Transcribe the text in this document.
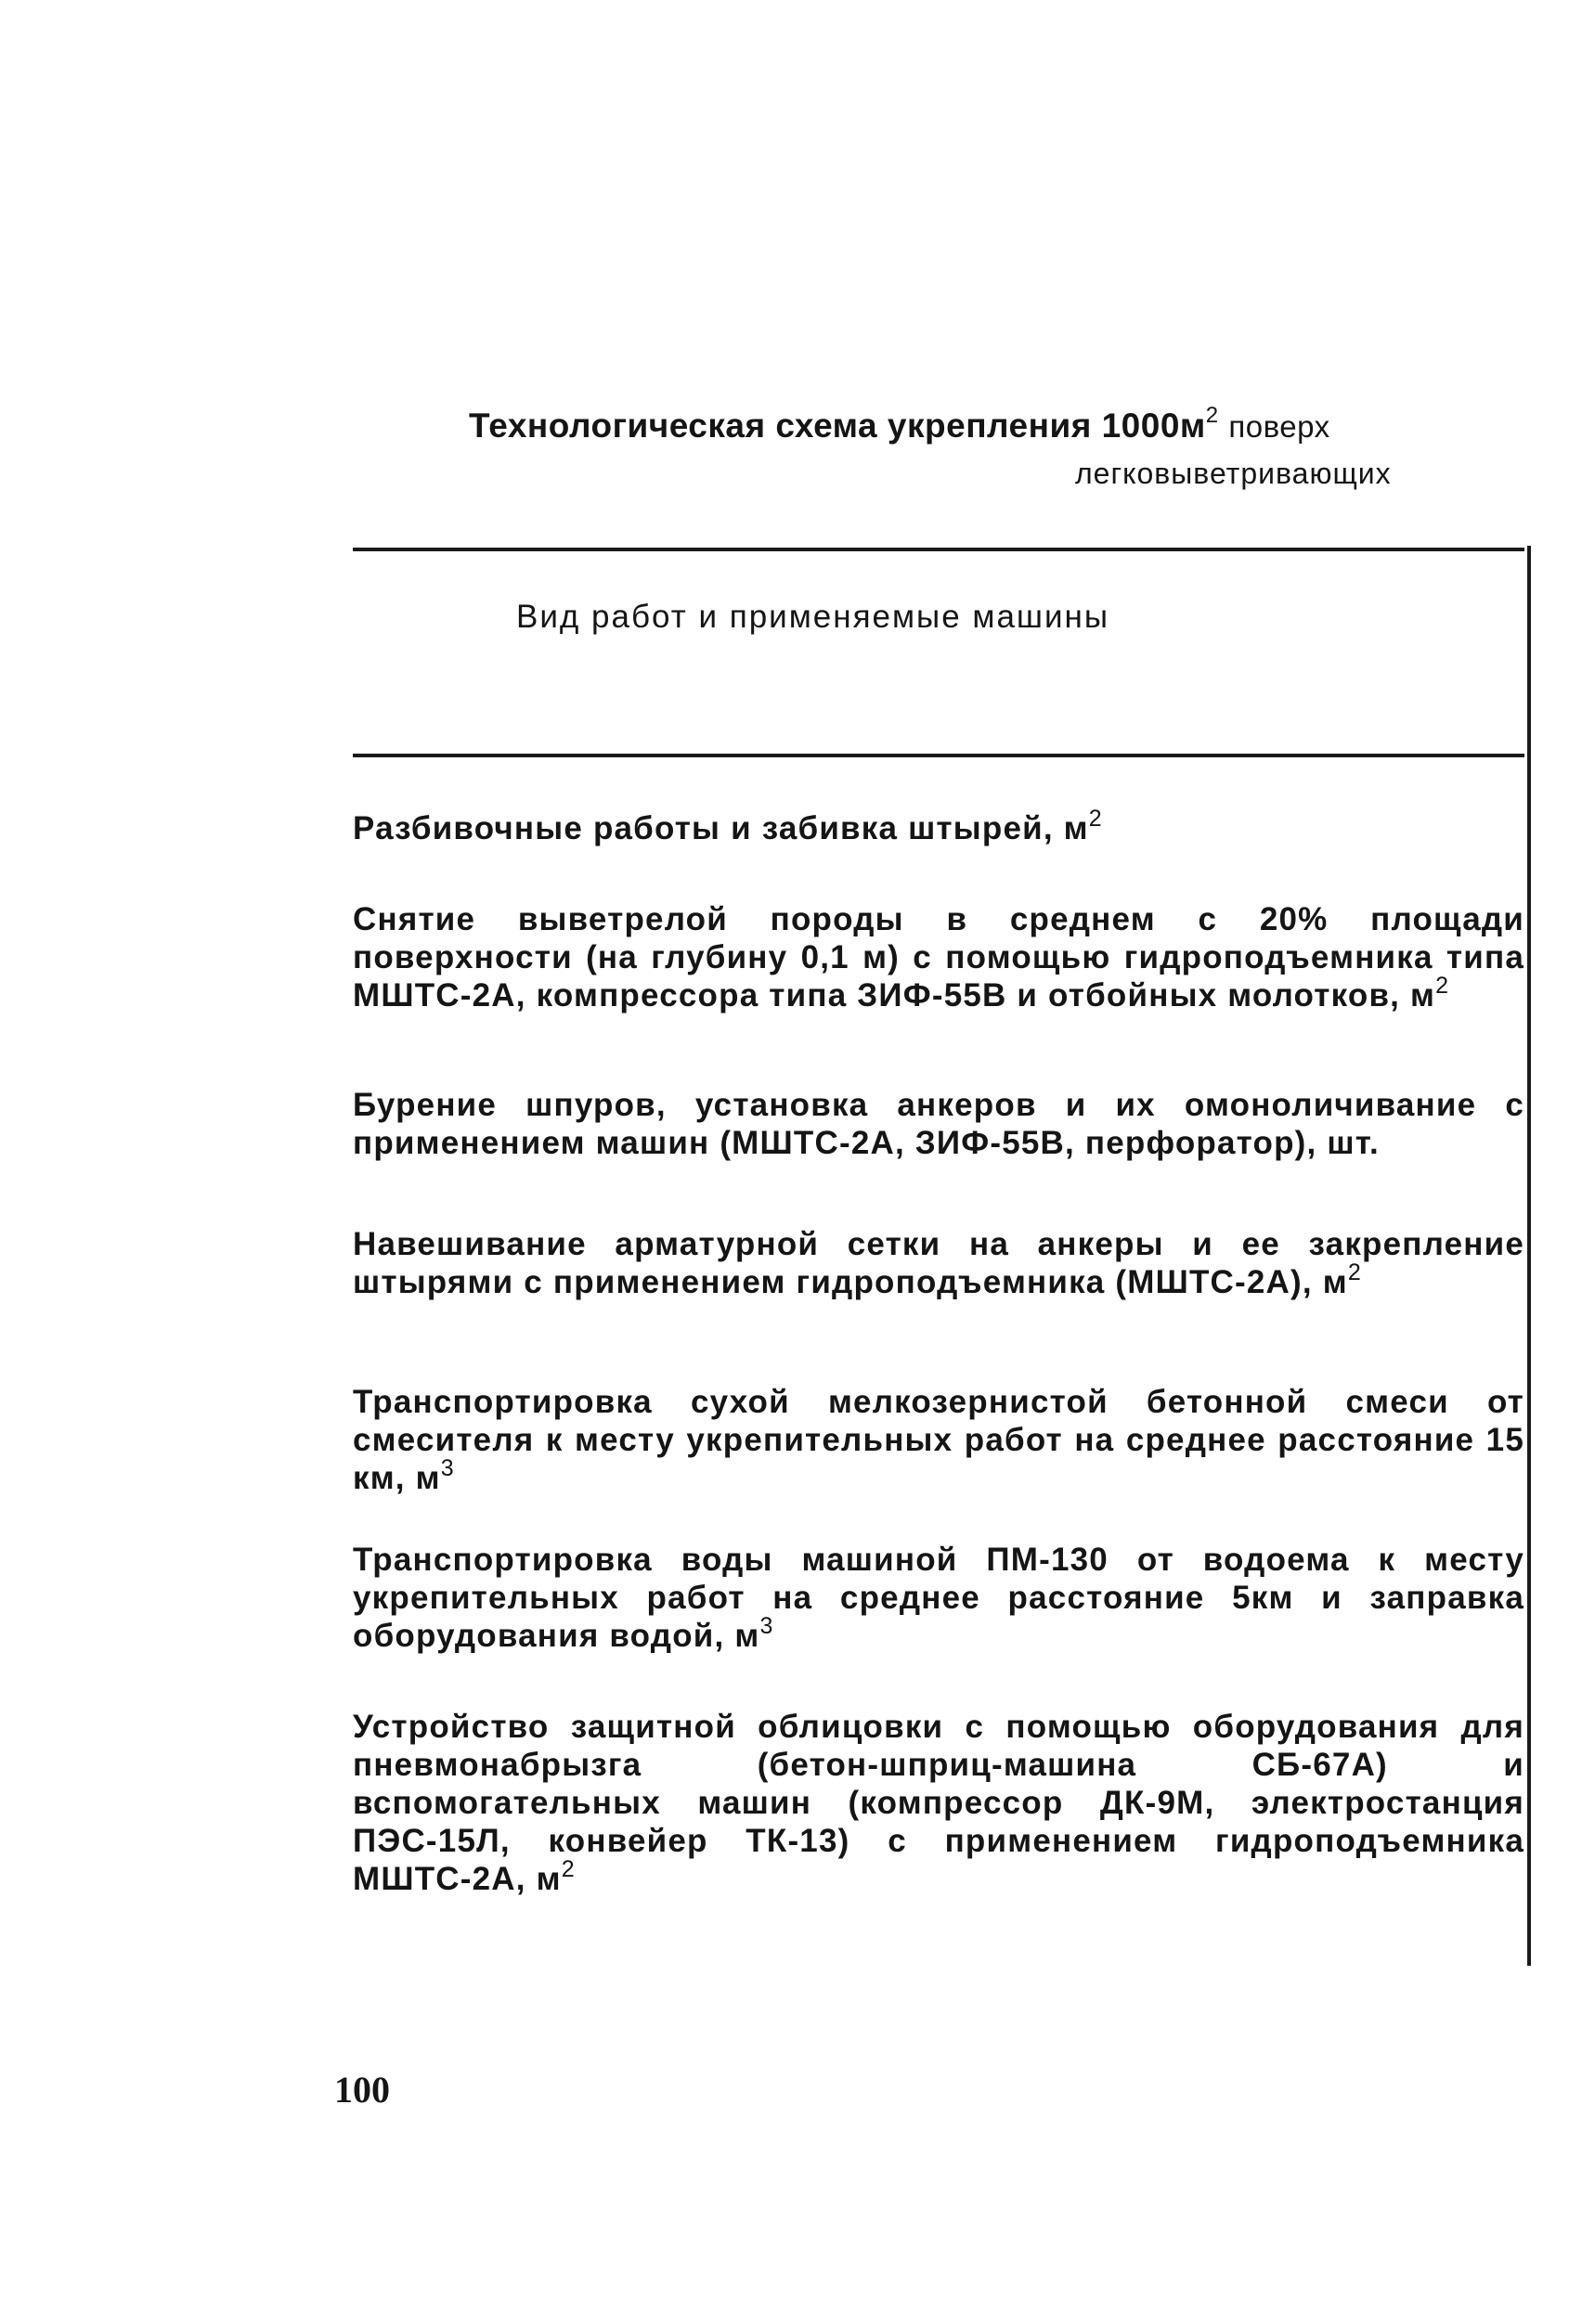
Технологическая схема укрепления $1000м^2$ поверх
легковыветривающих
Вид работ и применяемые машины
Разбивочные работы и забивка штырей, $м^2$
Снятие выветрелой породы в среднем с 20% площади поверхности (на глубину 0,1 м) с помощью гидроподъемника типа МШТС-2А, компрессора типа ЗИФ-55В и отбойных молотков, $м^2$
Бурение шпуров, установка анкеров и их омоноличивание с применением машин (МШТС-2А, ЗИФ-55В, перфоратор), шт.
Навешивание арматурной сетки на анкеры и ее закрепление штырями с применением гидроподъемника (МШТС-2А), $м^2$
Транспортировка сухой мелкозернистой бетонной смеси от смесителя к месту укрепительных работ на среднее расстояние 15 км, $м^3$
Транспортировка воды машиной ПМ-130 от водоема к месту укрепительных работ на среднее расстояние 5км и заправка оборудования водой, $м^3$
Устройство защитной облицовки с помощью оборудования для пневмонабрызга (бетон-шприц-машина СБ-67А) и вспомогательных машин (компрессор ДК-9М, электростанция ПЭС-15Л, конвейер ТК-13) с применением гидроподъемника МШТС-2А, $м^2$
100
